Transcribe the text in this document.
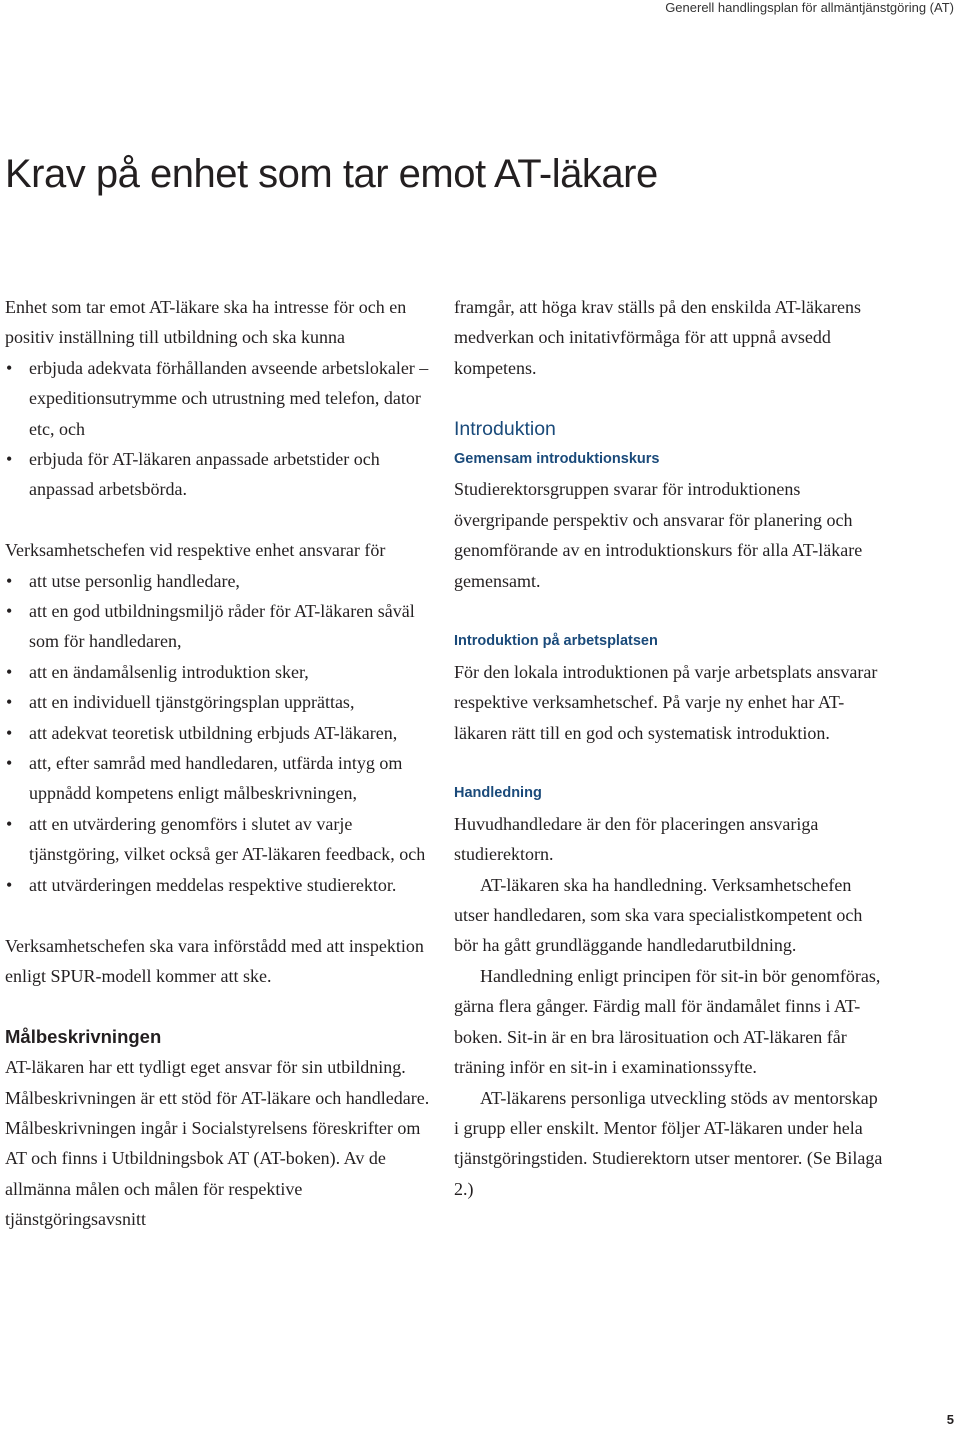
Generell handlingsplan för allmäntjänstgöring (AT)
Krav på enhet som tar emot AT-läkare

Enhet som tar emot AT-läkare ska ha intresse för och en positiv inställning till utbildning och ska kunna

• erbjuda adekvata förhållanden avseende arbetslokaler – expeditionsutrymme och utrustning med telefon, dator etc, och
• erbjuda för AT-läkaren anpassade arbetstider och anpassad arbetsbörda.

Verksamhetschefen vid respektive enhet ansvarar för

• att utse personlig handledare,
• att en god utbildningsmiljö råder för AT-läkaren såväl som för handledaren,
• att en ändamålsenlig introduktion sker,
• att en individuell tjänstgöringsplan upprättas,
• att adekvat teoretisk utbildning erbjuds AT-läkaren,
• att, efter samråd med handledaren, utfärda intyg om uppnådd kompetens enligt målbeskrivningen,
• att en utvärdering genomförs i slutet av varje tjänstgöring, vilket också ger AT-läkaren feedback, och
• att utvärderingen meddelas respektive studierektor.

Verksamhetschefen ska vara införstådd med att inspektion enligt SPUR-modell kommer att ske.

Målbeskrivningen

AT-läkaren har ett tydligt eget ansvar för sin utbildning. Målbeskrivningen är ett stöd för AT-läkare och handledare. Målbeskrivningen ingår i Socialstyrelsens föreskrifter om AT och finns i Utbildningsbok AT (AT-boken). Av de allmänna målen och målen för respektive tjänstgöringsavsnitt

framgår, att höga krav ställs på den enskilda AT-läkarens medverkan och initativförmåga för att uppnå avsedd kompetens.

Introduktion
Gemensam introduktionskurs

Studierektorsgruppen svarar för introduktionens övergripande perspektiv och ansvarar för planering och genomförande av en introduktionskurs för alla AT-läkare gemensamt.

Introduktion på arbetsplatsen

För den lokala introduktionen på varje arbetsplats ansvarar respektive verksamhetschef. På varje ny enhet har AT-läkaren rätt till en god och systematisk introduktion.

Handledning

Huvudhandledare är den för placeringen ansvariga studierektorn.

AT-läkaren ska ha handledning. Verksamhetschefen utser handledaren, som ska vara specialistkompetent och bör ha gått grundläggande handledarutbildning.

Handledning enligt principen för sit-in bör genomföras, gärna flera gånger. Färdig mall för ändamålet finns i AT-boken. Sit-in är en bra lärosituation och AT-läkaren får träning inför en sit-in i examinationssyfte.

AT-läkarens personliga utveckling stöds av mentorskap i grupp eller enskilt. Mentor följer AT-läkaren under hela tjänstgöringstiden. Studierektorn utser mentorer. (Se Bilaga 2.)

5
